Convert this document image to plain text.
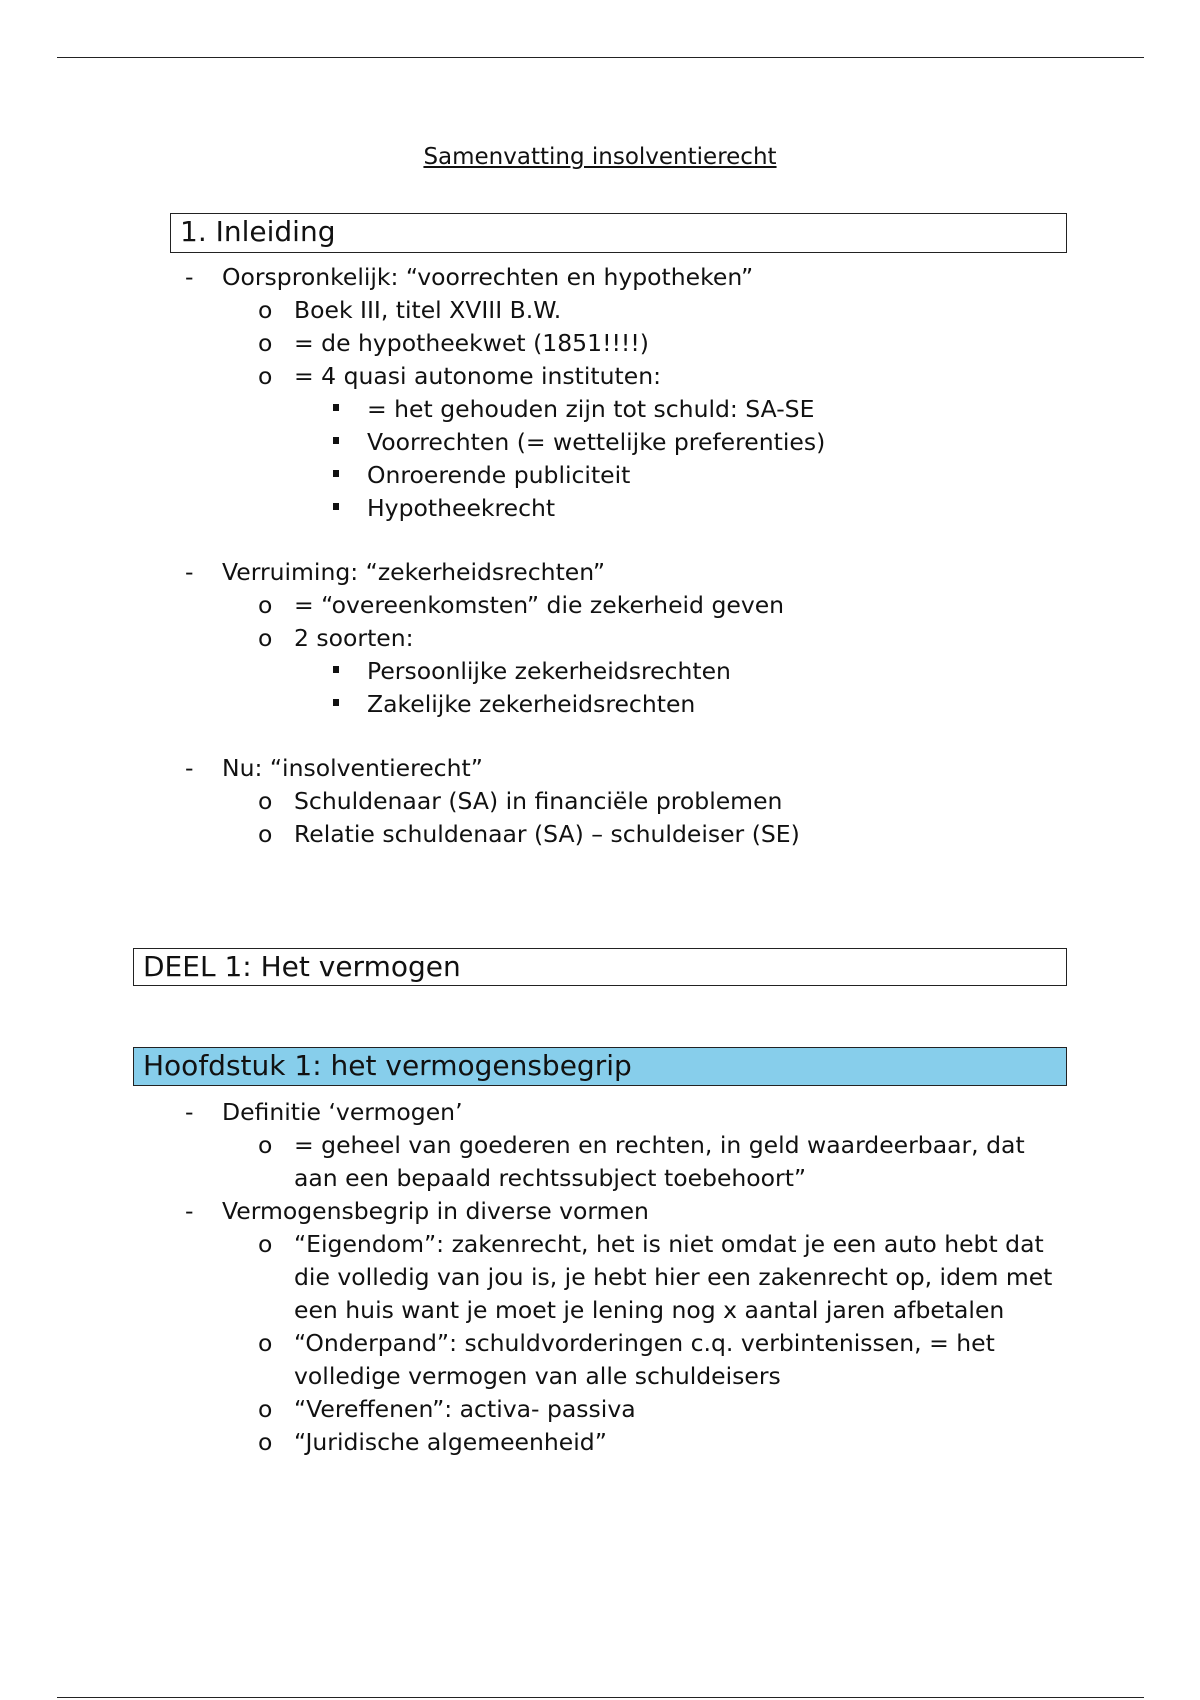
Samenvatting insolventierecht
1. Inleiding
- Oorspronkelijk: “voorrechten en hypotheken”
o Boek III, titel XVIII B.W.
o = de hypotheekwet (1851!!!!)
o = 4 quasi autonome instituten:
= het gehouden zijn tot schuld: SA-SE
Voorrechten (= wettelijke preferenties)
Onroerende publiciteit
Hypotheekrecht
- Verruiming: “zekerheidsrechten”
o = “overeenkomsten” die zekerheid geven
o 2 soorten:
Persoonlijke zekerheidsrechten
Zakelijke zekerheidsrechten
- Nu: “insolventierecht”
o Schuldenaar (SA) in financiële problemen
o Relatie schuldenaar (SA) – schuldeiser (SE)
DEEL 1: Het vermogen
Hoofdstuk 1: het vermogensbegrip
- Definitie ‘vermogen’
o = geheel van goederen en rechten, in geld waardeerbaar, dat aan een bepaald rechtssubject toebehoort”
- Vermogensbegrip in diverse vormen
o “Eigendom”: zakenrecht, het is niet omdat je een auto hebt dat die volledig van jou is, je hebt hier een zakenrecht op, idem met een huis want je moet je lening nog x aantal jaren afbetalen
o “Onderpand”: schuldvorderingen c.q. verbintenissen, = het volledige vermogen van alle schuldeisers
o “Vereffenen”: activa- passiva
o “Juridische algemeenheid”
